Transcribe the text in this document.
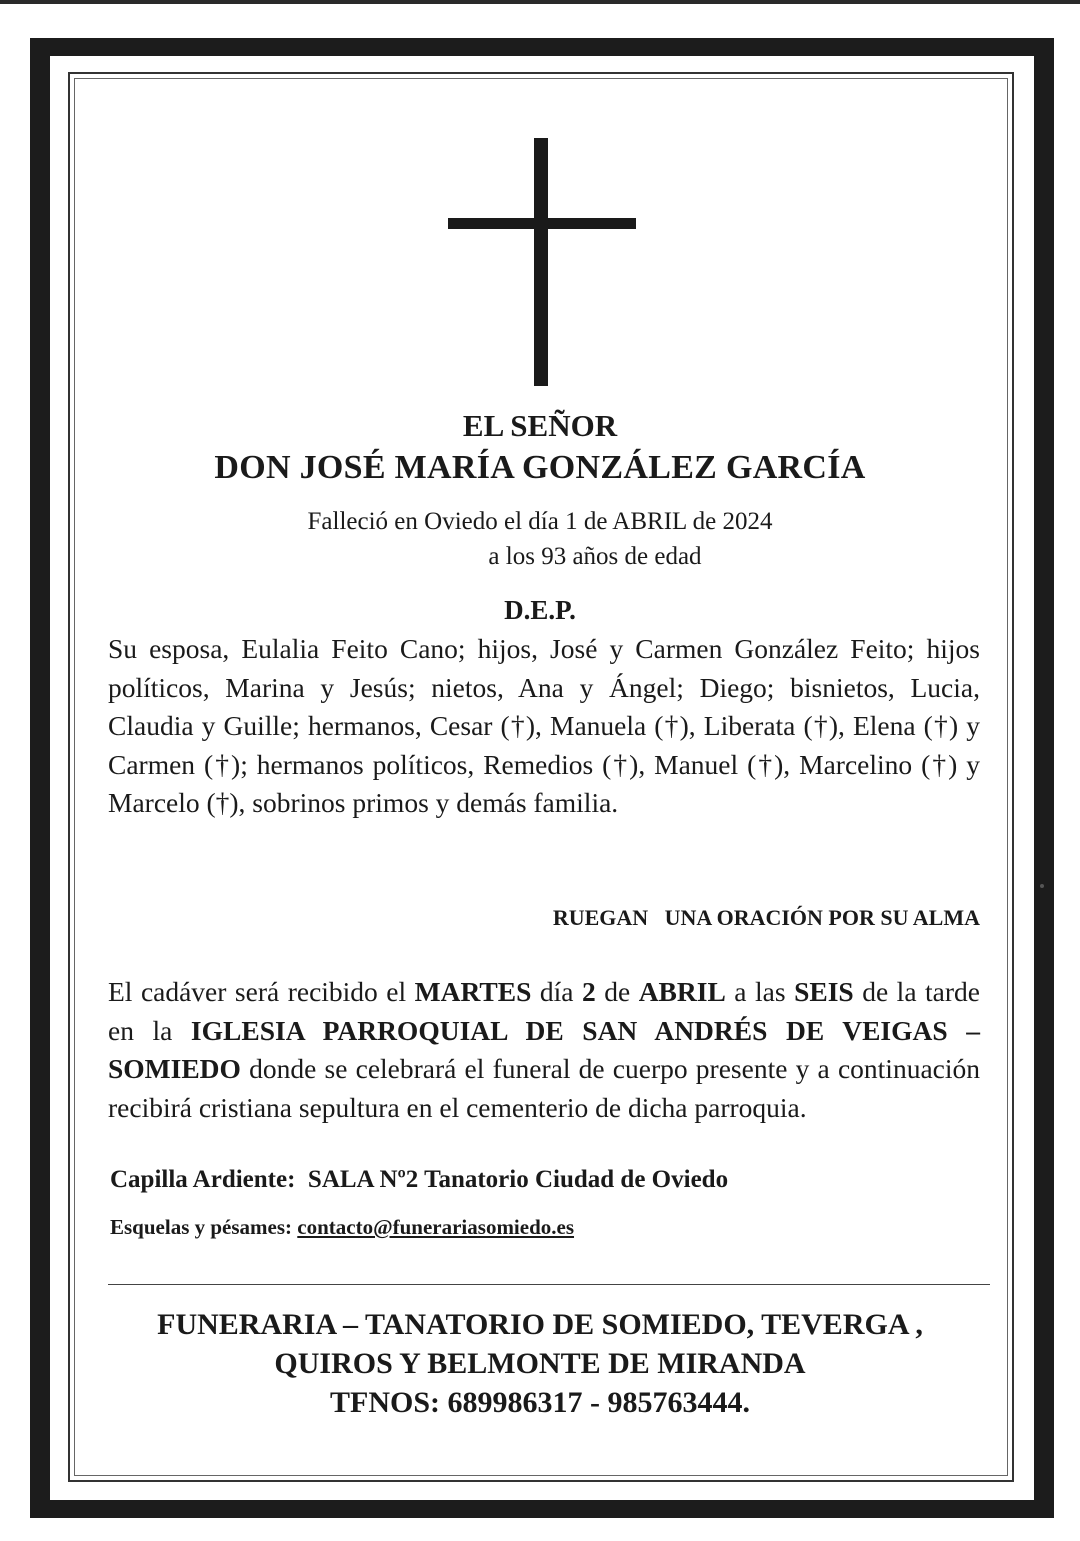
EL SEÑOR
DON JOSÉ MARÍA GONZÁLEZ GARCÍA
Falleció en Oviedo el día 1 de ABRIL de 2024
a los 93 años de edad
D.E.P.

Su esposa, Eulalia Feito Cano; hijos, José y Carmen González Feito; hijos políticos, Marina y Jesús; nietos, Ana y Ángel; Diego; bisnietos, Lucia, Claudia y Guille; hermanos, Cesar (†), Manuela (†), Liberata (†), Elena (†) y Carmen (†); hermanos políticos, Remedios (†), Manuel (†), Marcelino (†) y Marcelo (†), sobrinos primos y demás familia.

RUEGAN   UNA ORACIÓN POR SU ALMA

El cadáver será recibido el MARTES día 2 de ABRIL a las SEIS de la tarde en la IGLESIA PARROQUIAL DE SAN ANDRÉS DE VEIGAS – SOMIEDO donde se celebrará el funeral de cuerpo presente y a continuación recibirá cristiana sepultura en el cementerio de dicha parroquia.

Capilla Ardiente:  SALA Nº2 Tanatorio Ciudad de Oviedo
Esquelas y pésames: contacto@funerariasomiedo.es
FUNERARIA – TANATORIO DE SOMIEDO, TEVERGA ,
QUIROS Y BELMONTE DE MIRANDA
TFNOS: 689986317 - 985763444.
